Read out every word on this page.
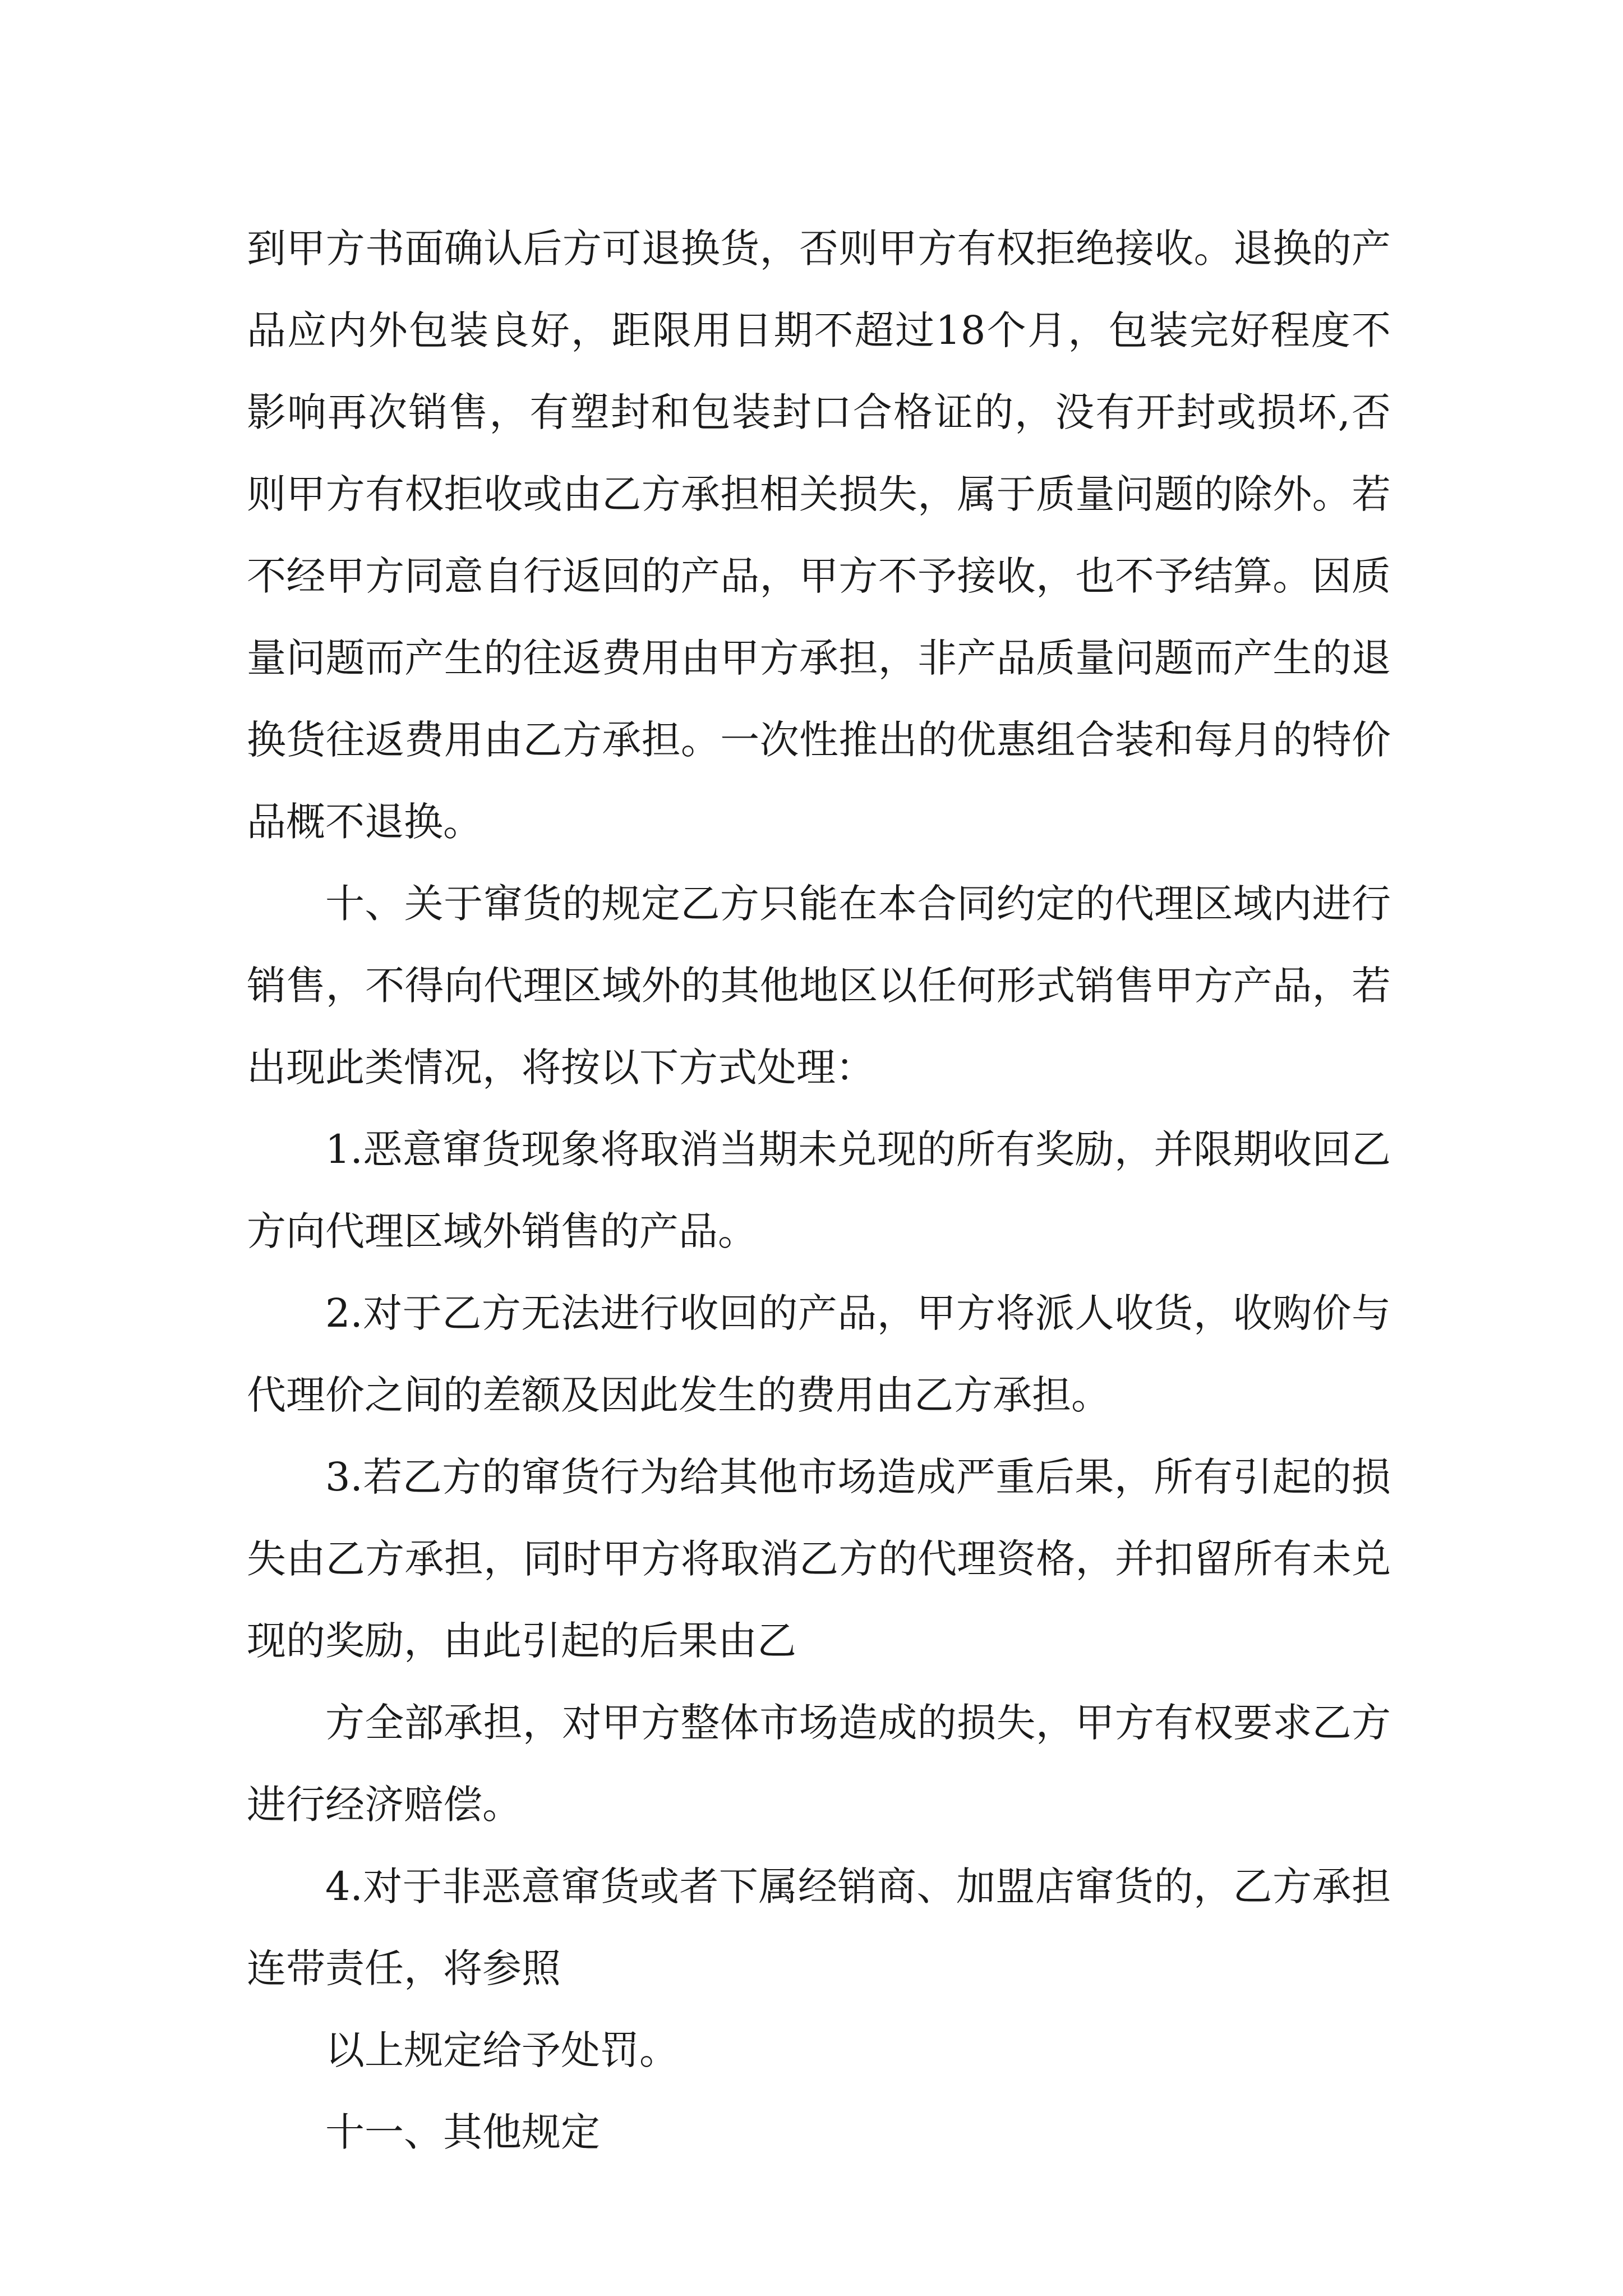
到甲方书面确认后方可退换货，否则甲方有权拒绝接收。退换的产品应内外包装良好，距限用日期不超过18个月，包装完好程度不影响再次销售，有塑封和包装封口合格证的，没有开封或损坏,否则甲方有权拒收或由乙方承担相关损失，属于质量问题的除外。若不经甲方同意自行返回的产品，甲方不予接收，也不予结算。因质量问题而产生的往返费用由甲方承担，非产品质量问题而产生的退换货往返费用由乙方承担。一次性推出的优惠组合装和每月的特价品概不退换。

十、关于窜货的规定乙方只能在本合同约定的代理区域内进行销售，不得向代理区域外的其他地区以任何形式销售甲方产品，若出现此类情况，将按以下方式处理：

1.恶意窜货现象将取消当期未兑现的所有奖励，并限期收回乙方向代理区域外销售的产品。

2.对于乙方无法进行收回的产品，甲方将派人收货，收购价与代理价之间的差额及因此发生的费用由乙方承担。

3.若乙方的窜货行为给其他市场造成严重后果，所有引起的损失由乙方承担，同时甲方将取消乙方的代理资格，并扣留所有未兑现的奖励，由此引起的后果由乙

方全部承担，对甲方整体市场造成的损失，甲方有权要求乙方进行经济赔偿。

4.对于非恶意窜货或者下属经销商、加盟店窜货的，乙方承担连带责任，将参照

以上规定给予处罚。

十一、其他规定
